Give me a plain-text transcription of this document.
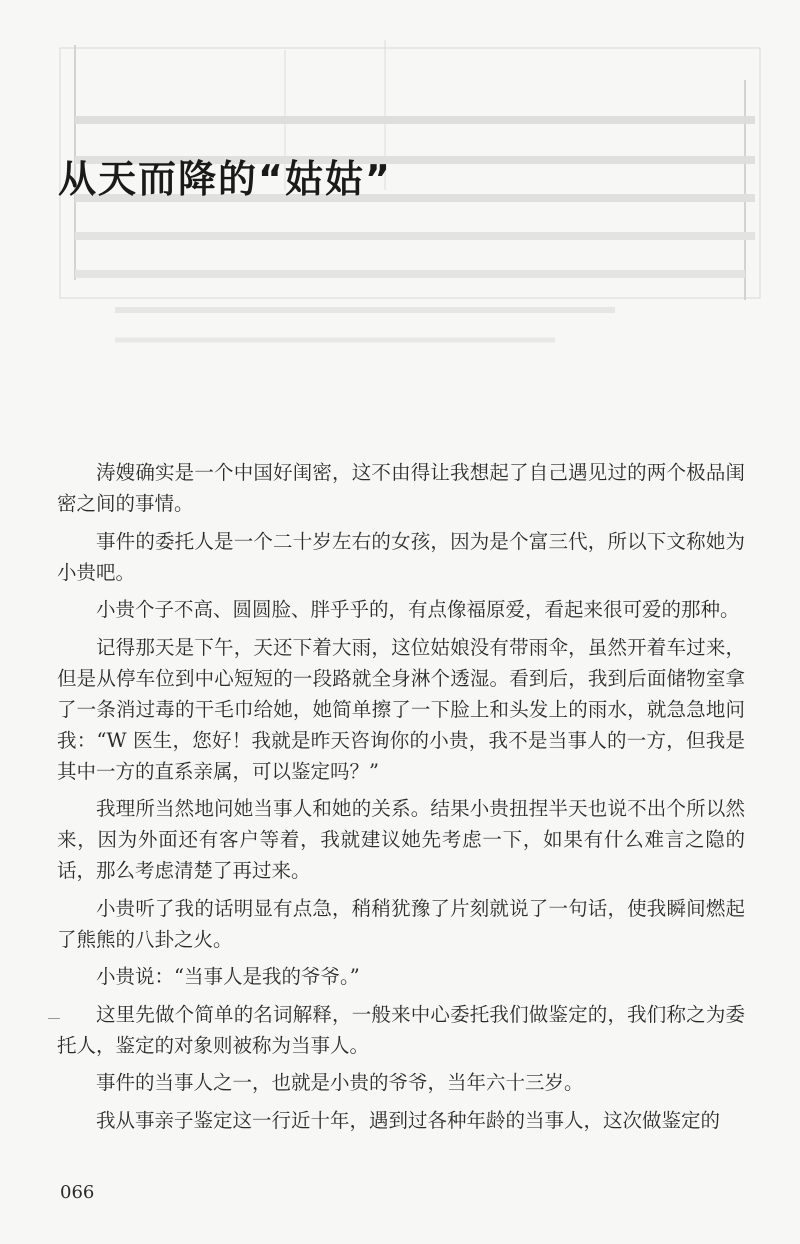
从天而降的“姑姑”

涛嫂确实是一个中国好闺密，这不由得让我想起了自己遇见过的两个极品闺密之间的事情。

事件的委托人是一个二十岁左右的女孩，因为是个富三代，所以下文称她为小贵吧。

小贵个子不高、圆圆脸、胖乎乎的，有点像福原爱，看起来很可爱的那种。

记得那天是下午，天还下着大雨，这位姑娘没有带雨伞，虽然开着车过来，但是从停车位到中心短短的一段路就全身淋个透湿。看到后，我到后面储物室拿了一条消过毒的干毛巾给她，她简单擦了一下脸上和头发上的雨水，就急急地问我：“W 医生，您好！我就是昨天咨询你的小贵，我不是当事人的一方，但我是其中一方的直系亲属，可以鉴定吗？”

我理所当然地问她当事人和她的关系。结果小贵扭捏半天也说不出个所以然来，因为外面还有客户等着，我就建议她先考虑一下，如果有什么难言之隐的话，那么考虑清楚了再过来。

小贵听了我的话明显有点急，稍稍犹豫了片刻就说了一句话，使我瞬间燃起了熊熊的八卦之火。

小贵说：“当事人是我的爷爷。”

这里先做个简单的名词解释，一般来中心委托我们做鉴定的，我们称之为委托人，鉴定的对象则被称为当事人。

事件的当事人之一，也就是小贵的爷爷，当年六十三岁。

我从事亲子鉴定这一行近十年，遇到过各种年龄的当事人，这次做鉴定的

066
